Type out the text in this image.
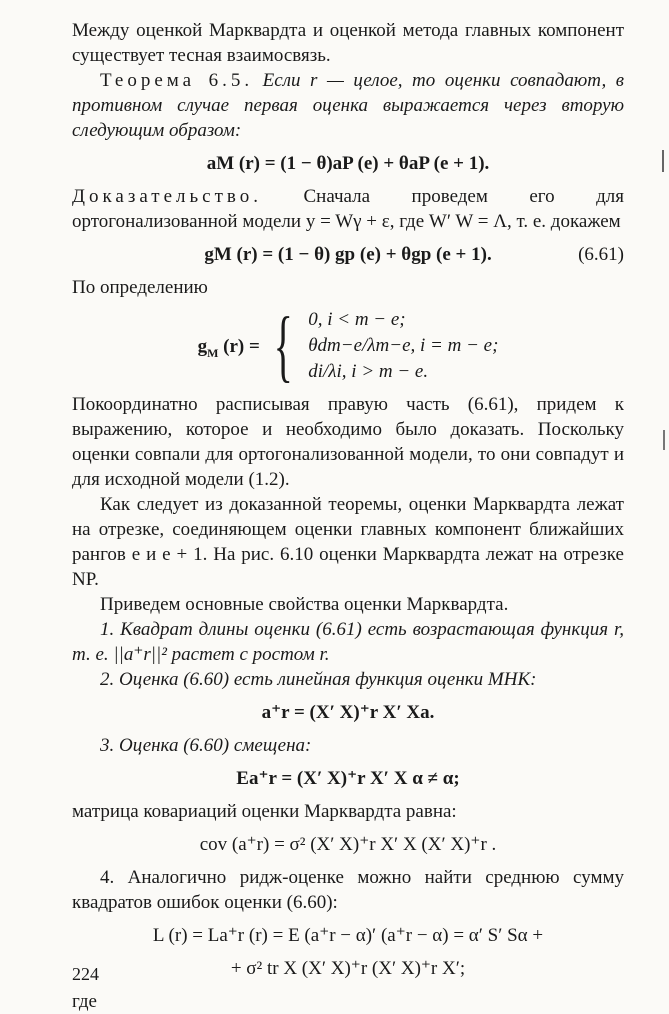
Между оценкой Марквардта и оценкой метода главных компонент существует тесная взаимосвязь.

Теорема 6.5. Если r — целое, то оценки совпадают, в противном случае первая оценка выражается через вторую следующим образом:

aM (r) = (1 − θ)aP (e) + θaP (e + 1).

Доказательство. Сначала проведем его для ортогонализованной модели y = Wγ + ε, где W′ W = Λ, т. е. докажем

gM (r) = (1 − θ) gp (e) + θgp (e + 1).	(6.61)

По определению

$g_M$ (r) = { 0, i < m − e;
θdm−e/λm−e, i = m − e;
di/λi, i > m − e.

Покоординатно расписывая правую часть (6.61), придем к выражению, которое и необходимо было доказать. Поскольку оценки совпали для ортогонализованной модели, то они совпадут и для исходной модели (1.2).

Как следует из доказанной теоремы, оценки Марквардта лежат на отрезке, соединяющем оценки главных компонент ближайших рангов e и e + 1. На рис. 6.10 оценки Марквардта лежат на отрезке NP.

Приведем основные свойства оценки Марквардта.

1. Квадрат длины оценки (6.61) есть возрастающая функция r, т. е. ||a⁺r||² растет с ростом r.

2. Оценка (6.60) есть линейная функция оценки МНК:

a⁺r = (X′ X)⁺r X′ Xa.

3. Оценка (6.60) смещена:

Ea⁺r = (X′ X)⁺r X′ X α ≠ α;

матрица ковариаций оценки Марквардта равна:

cov (a⁺r) = σ² (X′ X)⁺r X′ X (X′ X)⁺r .

4. Аналогично ридж-оценке можно найти среднюю сумму квадратов ошибок оценки (6.60):

L (r) = La⁺r (r) = E (a⁺r − α)′ (a⁺r − α) = α′ S′ Sα +
+ σ² tr X (X′ X)⁺r (X′ X)⁺r X′;

где

224
